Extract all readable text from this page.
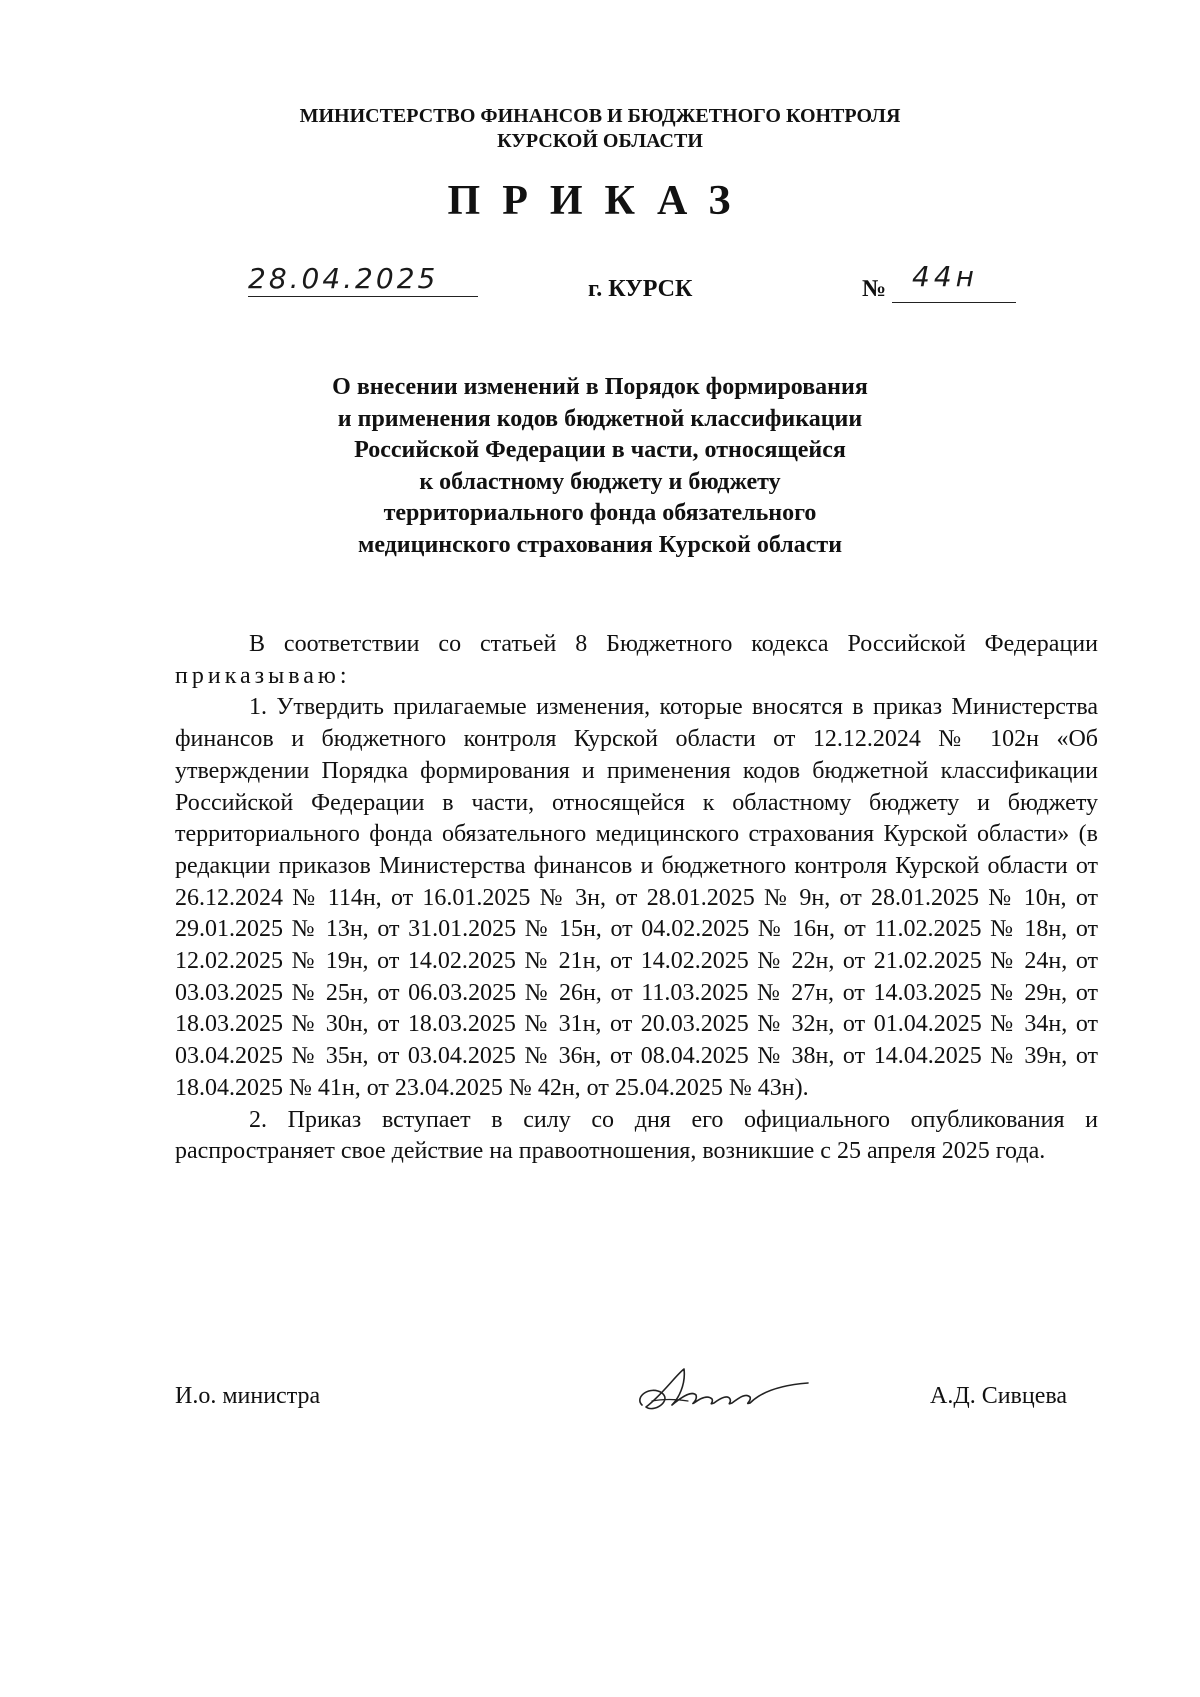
МИНИСТЕРСТВО ФИНАНСОВ И БЮДЖЕТНОГО КОНТРОЛЯ
КУРСКОЙ ОБЛАСТИ
ПРИКАЗ
28.04.2025	г. КУРСК	№ 44н
О внесении изменений в Порядок формирования
и применения кодов бюджетной классификации
Российской Федерации в части, относящейся
к областному бюджету и бюджету
территориального фонда обязательного
медицинского страхования Курской области

В соответствии со статьей 8 Бюджетного кодекса Российской Федерации приказываю:

1. Утвердить прилагаемые изменения, которые вносятся в приказ Министерства финансов и бюджетного контроля Курской области от 12.12.2024 № 102н «Об утверждении Порядка формирования и применения кодов бюджетной классификации Российской Федерации в части, относящейся к областному бюджету и бюджету территориального фонда обязательного медицинского страхования Курской области» (в редакции приказов Министерства финансов и бюджетного контроля Курской области от 26.12.2024 № 114н, от 16.01.2025 № 3н, от 28.01.2025 № 9н, от 28.01.2025 № 10н, от 29.01.2025 № 13н, от 31.01.2025 № 15н, от 04.02.2025 № 16н, от 11.02.2025 № 18н, от 12.02.2025 № 19н, от 14.02.2025 № 21н, от 14.02.2025 № 22н, от 21.02.2025 № 24н, от 03.03.2025 № 25н, от 06.03.2025 № 26н, от 11.03.2025 № 27н, от 14.03.2025 № 29н, от 18.03.2025 № 30н, от 18.03.2025 № 31н, от 20.03.2025 № 32н, от 01.04.2025 № 34н, от 03.04.2025 № 35н, от 03.04.2025 № 36н, от 08.04.2025 № 38н, от 14.04.2025 № 39н, от 18.04.2025 № 41н, от 23.04.2025 № 42н, от 25.04.2025 № 43н).

2. Приказ вступает в силу со дня его официального опубликования и распространяет свое действие на правоотношения, возникшие с 25 апреля 2025 года.

И.о. министра	А.Д. Сивцева
